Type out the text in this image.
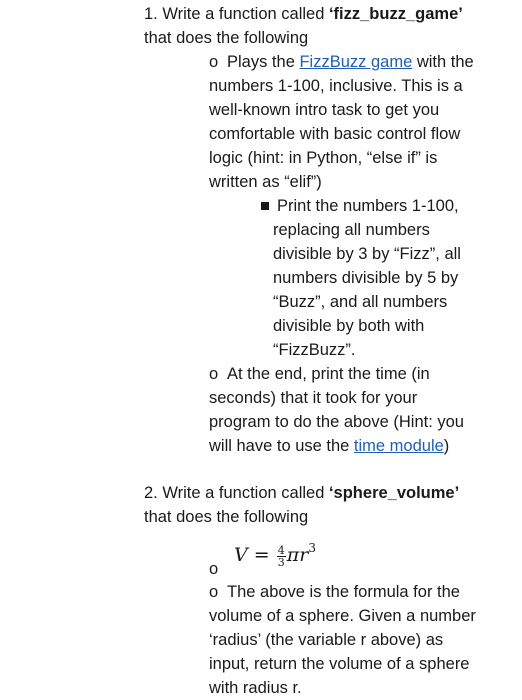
1. Write a function called ‘fizz_buzz_game’
that does the following
o Plays the FizzBuzz game with the
numbers 1-100, inclusive. This is a
well-known intro task to get you
comfortable with basic control flow
logic (hint: in Python, “else if” is
written as “elif”)
Print the numbers 1-100,
replacing all numbers
divisible by 3 by “Fizz”, all
numbers divisible by 5 by
“Buzz”, and all numbers
divisible by both with
“FizzBuzz”.
o At the end, print the time (in
seconds) that it took for your
program to do the above (Hint: you
will have to use the time module)
2. Write a function called ‘sphere_volume’
that does the following
$V = \frac{4}{3} \pi r^3$
o
o The above is the formula for the
volume of a sphere. Given a number
‘radius’ (the variable r above) as
input, return the volume of a sphere
with radius r.
